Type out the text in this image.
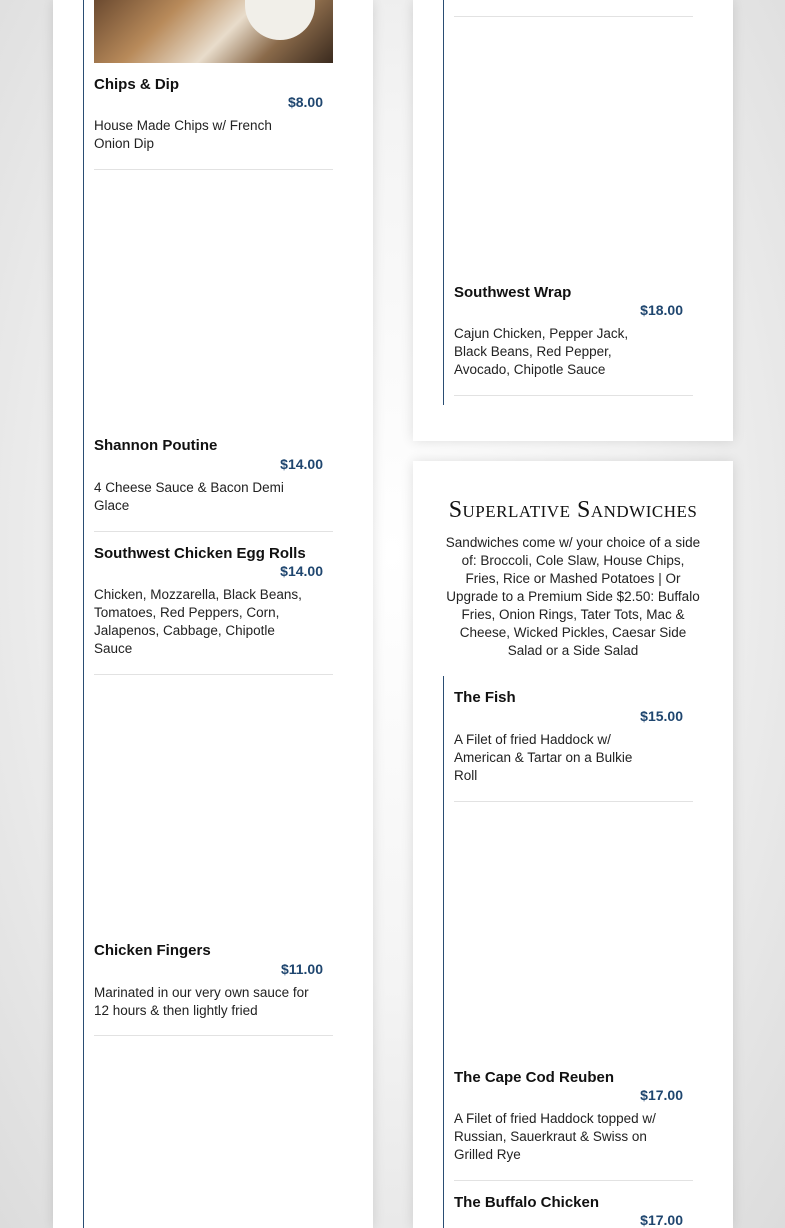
Chips & Dip
$8.00
House Made Chips w/ French Onion Dip
Shannon Poutine
$14.00
4 Cheese Sauce & Bacon Demi Glace
Southwest Chicken Egg Rolls
$14.00
Chicken, Mozzarella, Black Beans, Tomatoes, Red Peppers, Corn, Jalapenos, Cabbage, Chipotle Sauce
Chicken Fingers
$11.00
Marinated in our very own sauce for 12 hours & then lightly fried
Southwest Wrap
$18.00
Cajun Chicken, Pepper Jack, Black Beans, Red Pepper, Avocado, Chipotle Sauce
Superlative Sandwiches
Sandwiches come w/ your choice of a side of: Broccoli, Cole Slaw, House Chips, Fries, Rice or Mashed Potatoes | Or Upgrade to a Premium Side $2.50: Buffalo Fries, Onion Rings, Tater Tots, Mac & Cheese, Wicked Pickles, Caesar Side Salad or a Side Salad
The Fish
$15.00
A Filet of fried Haddock w/ American & Tartar on a Bulkie Roll
The Cape Cod Reuben
$17.00
A Filet of fried Haddock topped w/ Russian, Sauerkraut & Swiss on Grilled Rye
The Buffalo Chicken
$17.00
